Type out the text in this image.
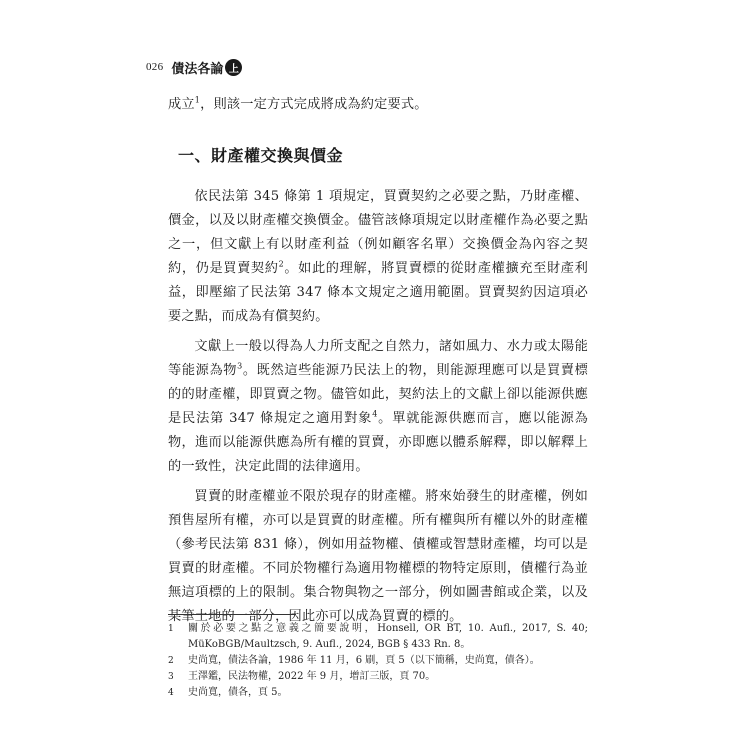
026 債法各論 上

成立$^1$，則該一定方式完成將成為約定要式。

一、財產權交換與價金

依民法第 345 條第 1 項規定，買賣契約之必要之點，乃財產權、價金，以及以財產權交換價金。儘管該條項規定以財產權作為必要之點之一，但文獻上有以財產利益（例如顧客名單）交換價金為內容之契約，仍是買賣契約$^2$。如此的理解，將買賣標的從財產權擴充至財產利益，即壓縮了民法第 347 條本文規定之適用範圍。買賣契約因這項必要之點，而成為有償契約。

文獻上一般以得為人力所支配之自然力，諸如風力、水力或太陽能等能源為物$^3$。既然這些能源乃民法上的物，則能源理應可以是買賣標的的財產權，即買賣之物。儘管如此，契約法上的文獻上卻以能源供應是民法第 347 條規定之適用對象$^4$。單就能源供應而言，應以能源為物，進而以能源供應為所有權的買賣，亦即應以體系解釋，即以解釋上的一致性，決定此間的法律適用。

買賣的財產權並不限於現存的財產權。將來始發生的財產權，例如預售屋所有權，亦可以是買賣的財產權。所有權與所有權以外的財產權（參考民法第 831 條），例如用益物權、債權或智慧財產權，均可以是買賣的財產權。不同於物權行為適用物權標的物特定原則，債權行為並無這項標的上的限制。集合物與物之一部分，例如圖書館或企業，以及某筆土地的一部分，因此亦可以成為買賣的標的。

1	關於必要之點之意義之簡要說明，Honsell, OR BT, 10. Aufl., 2017, S. 40; MüKoBGB/Maultzsch, 9. Aufl., 2024, BGB § 433 Rn. 8。
2	史尚寬，債法各論，1986 年 11 月，6 刷，頁 5（以下簡稱，史尚寬，債各）。
3	王澤鑑，民法物權，2022 年 9 月，增訂三版，頁 70。
4	史尚寬，債各，頁 5。
